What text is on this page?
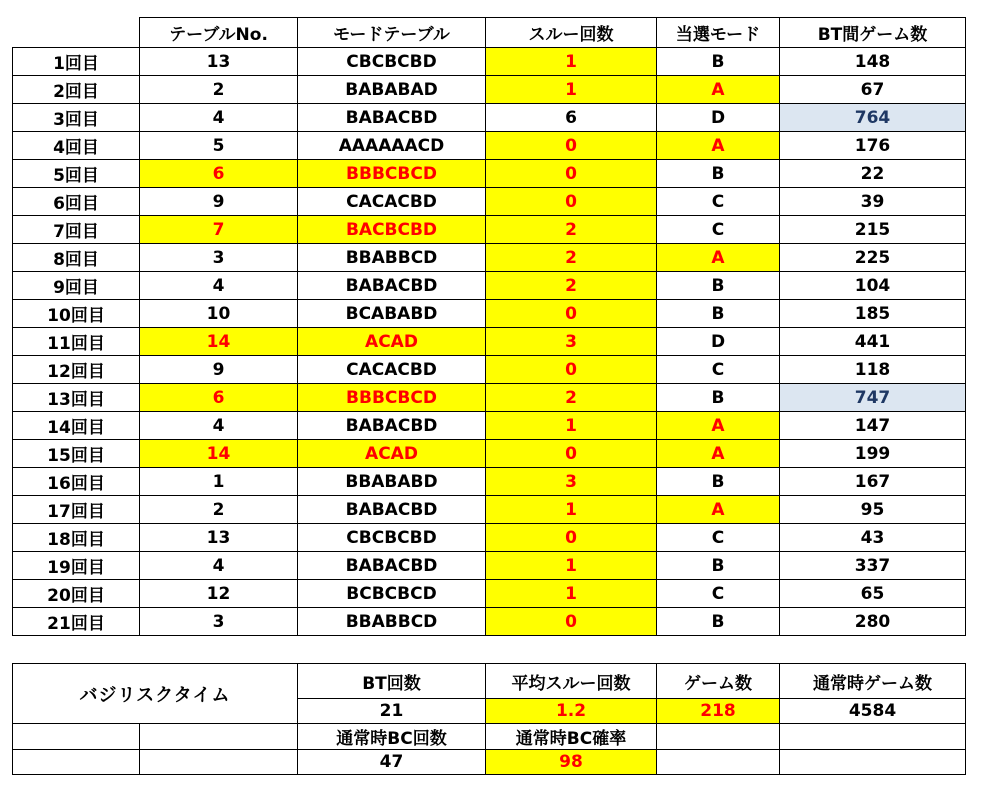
	テーブルNo.	モードテーブル	スルー回数	当選モード	BT間ゲーム数
1回目	13	CBCBCBD	1	B	148
2回目	2	BABABAD	1	A	67
3回目	4	BABACBD	6	D	764
4回目	5	AAAAAACD	0	A	176
5回目	6	BBBCBCD	0	B	22
6回目	9	CACACBD	0	C	39
7回目	7	BACBCBD	2	C	215
8回目	3	BBABBCD	2	A	225
9回目	4	BABACBD	2	B	104
10回目	10	BCABABD	0	B	185
11回目	14	ACAD	3	D	441
12回目	9	CACACBD	0	C	118
13回目	6	BBBCBCD	2	B	747
14回目	4	BABACBD	1	A	147
15回目	14	ACAD	0	A	199
16回目	1	BBABABD	3	B	167
17回目	2	BABACBD	1	A	95
18回目	13	CBCBCBD	0	C	43
19回目	4	BABACBD	1	B	337
20回目	12	BCBCBCD	1	C	65
21回目	3	BBABBCD	0	B	280
バジリスクタイム		BT回数	平均スルー回数	ゲーム数	通常時ゲーム数
		21	1.2	218	4584
		通常時BC回数	通常時BC確率		
		47	98		
